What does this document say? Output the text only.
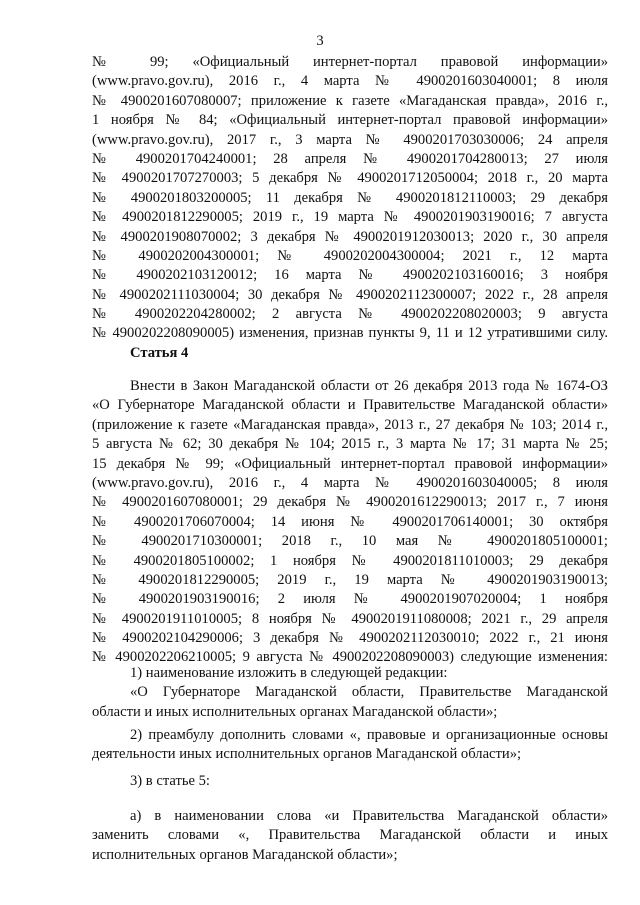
3
№ 99; «Официальный интернет-портал правовой информации»
(www.pravo.gov.ru), 2016 г., 4 марта № 4900201603040001; 8 июля
№ 4900201607080007; приложение к газете «Магаданская правда», 2016 г.,
1 ноября № 84; «Официальный интернет-портал правовой информации»
(www.pravo.gov.ru), 2017 г., 3 марта № 4900201703030006; 24 апреля
№ 4900201704240001; 28 апреля № 4900201704280013; 27 июля
№ 4900201707270003; 5 декабря № 4900201712050004; 2018 г., 20 марта
№ 4900201803200005; 11 декабря № 4900201812110003; 29 декабря
№ 4900201812290005; 2019 г., 19 марта № 4900201903190016; 7 августа
№ 4900201908070002; 3 декабря № 4900201912030013; 2020 г., 30 апреля
№ 4900202004300001; № 4900202004300004; 2021 г., 12 марта
№ 4900202103120012; 16 марта № 4900202103160016; 3 ноября
№ 4900202111030004; 30 декабря № 4900202112300007; 2022 г., 28 апреля
№ 4900202204280002; 2 августа № 4900202208020003; 9 августа
№ 4900202208090005) изменения, признав пункты 9, 11 и 12 утратившими силу.
Статья 4
Внести в Закон Магаданской области от 26 декабря 2013 года № 1674-ОЗ
«О Губернаторе Магаданской области и Правительстве Магаданской области»
(приложение к газете «Магаданская правда», 2013 г., 27 декабря № 103; 2014 г.,
5 августа № 62; 30 декабря № 104; 2015 г., 3 марта № 17; 31 марта № 25;
15 декабря № 99; «Официальный интернет-портал правовой информации»
(www.pravo.gov.ru), 2016 г., 4 марта № 4900201603040005; 8 июля
№ 4900201607080001; 29 декабря № 4900201612290013; 2017 г., 7 июня
№ 4900201706070004; 14 июня № 4900201706140001; 30 октября
№ 4900201710300001; 2018 г., 10 мая № 4900201805100001;
№ 4900201805100002; 1 ноября № 4900201811010003; 29 декабря
№ 4900201812290005; 2019 г., 19 марта № 4900201903190013;
№ 4900201903190016; 2 июля № 4900201907020004; 1 ноября
№ 4900201911010005; 8 ноября № 4900201911080008; 2021 г., 29 апреля
№ 4900202104290006; 3 декабря № 4900202112030010; 2022 г., 21 июня
№ 4900202206210005; 9 августа № 4900202208090003) следующие изменения:
1) наименование изложить в следующей редакции:
«О Губернаторе Магаданской области, Правительстве Магаданской
области и иных исполнительных органах Магаданской области»;
2) преамбулу дополнить словами «, правовые и организационные основы
деятельности иных исполнительных органов Магаданской области»;
3) в статье 5:
а) в наименовании слова «и Правительства Магаданской области»
заменить словами «, Правительства Магаданской области и иных
исполнительных органов Магаданской области»;
